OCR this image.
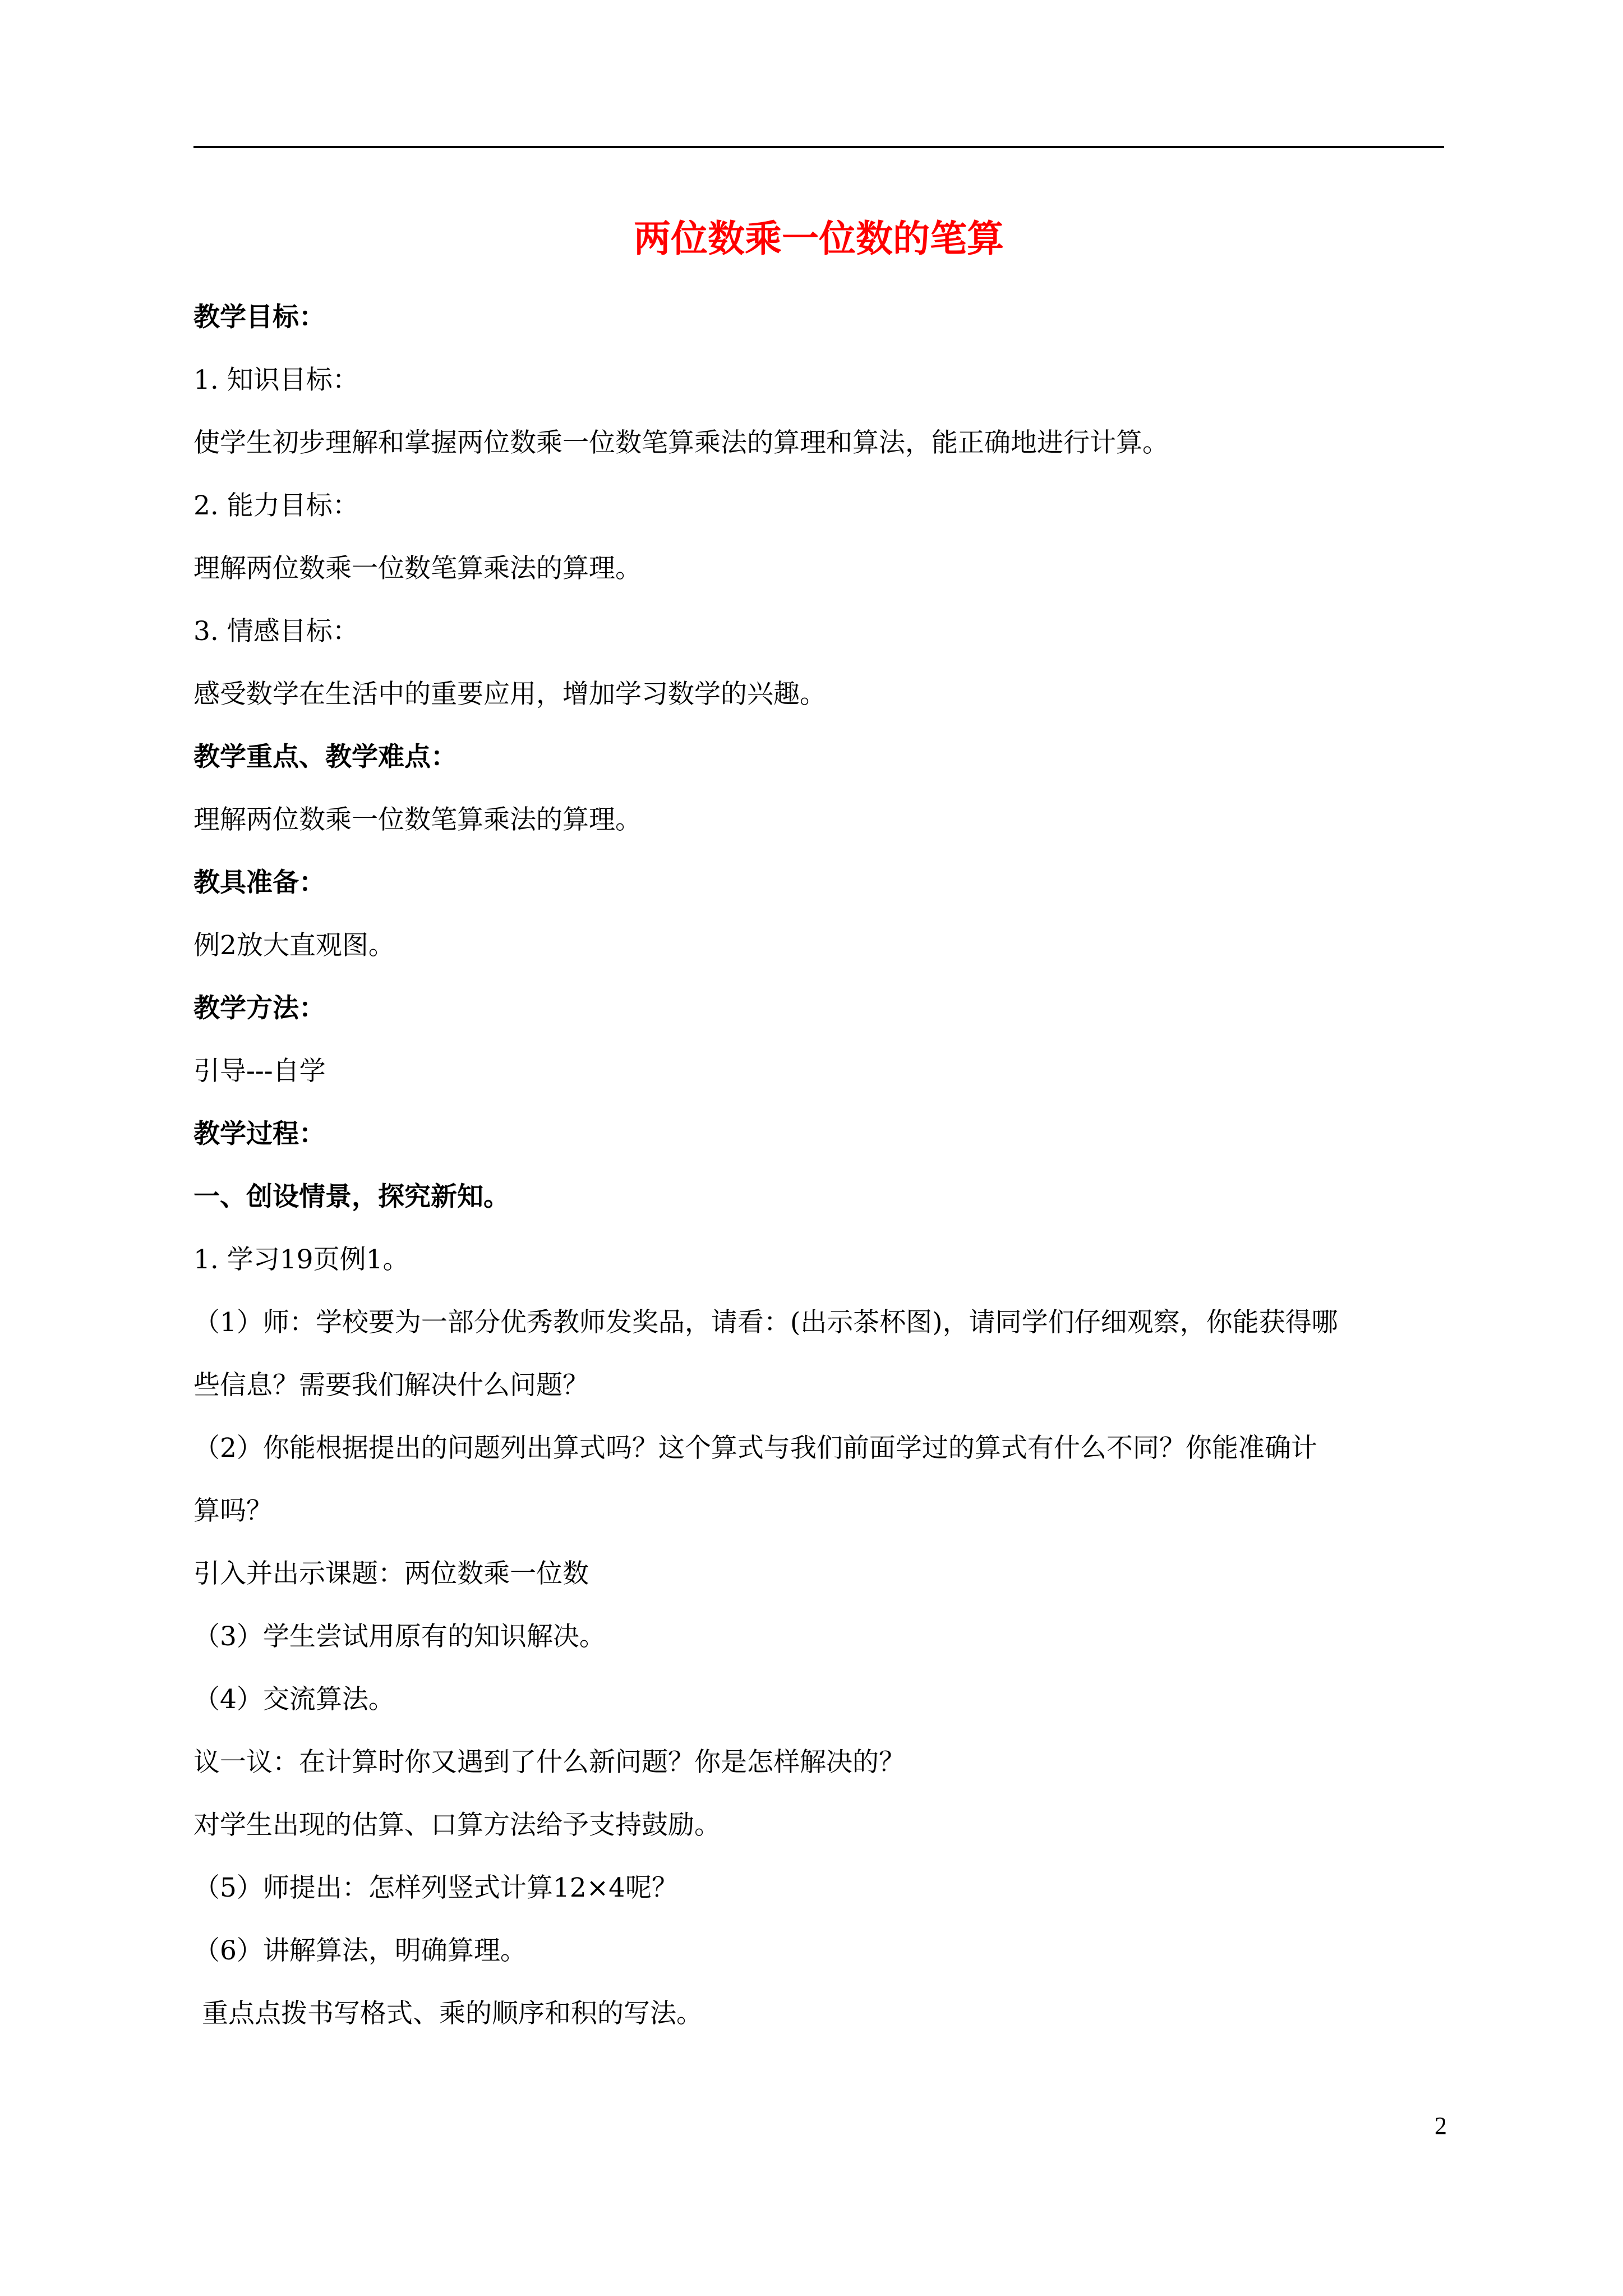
两位数乘一位数的笔算
教学目标：
1. 知识目标：
使学生初步理解和掌握两位数乘一位数笔算乘法的算理和算法，能正确地进行计算。
2. 能力目标：
理解两位数乘一位数笔算乘法的算理。
3. 情感目标：
感受数学在生活中的重要应用，增加学习数学的兴趣。
教学重点、教学难点：
理解两位数乘一位数笔算乘法的算理。
教具准备：
例2放大直观图。
教学方法：
引导---自学
教学过程：
一、创设情景，探究新知。
1. 学习19页例1。
（1）师：学校要为一部分优秀教师发奖品，请看：(出示茶杯图)，请同学们仔细观察，你能获得哪
些信息？需要我们解决什么问题？
（2）你能根据提出的问题列出算式吗？这个算式与我们前面学过的算式有什么不同？你能准确计
算吗？
引入并出示课题：两位数乘一位数
（3）学生尝试用原有的知识解决。
（4）交流算法。
议一议：在计算时你又遇到了什么新问题？你是怎样解决的？
对学生出现的估算、口算方法给予支持鼓励。
（5）师提出：怎样列竖式计算12×4呢？
（6）讲解算法，明确算理。
重点点拨书写格式、乘的顺序和积的写法。
2
